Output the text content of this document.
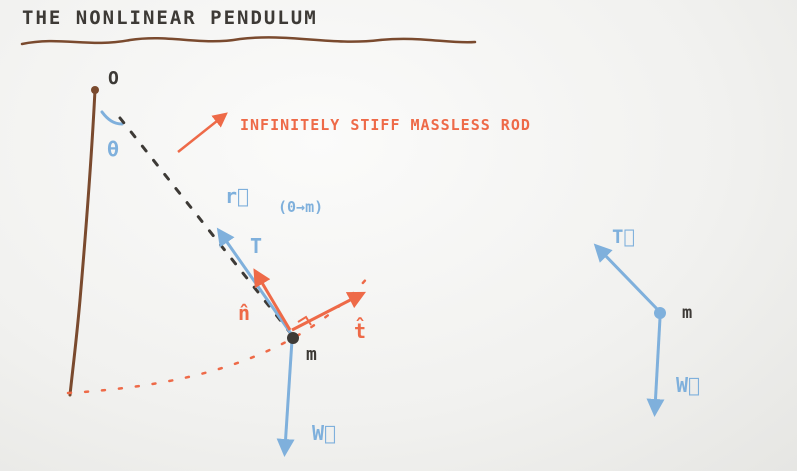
THE NONLINEAR PENDULUM
O
θ
INFINITELY STIFF MASSLESS ROD
r⃗ (0→m)
T
n̂
t̂
W⃗
m
T⃗
W⃗
m
